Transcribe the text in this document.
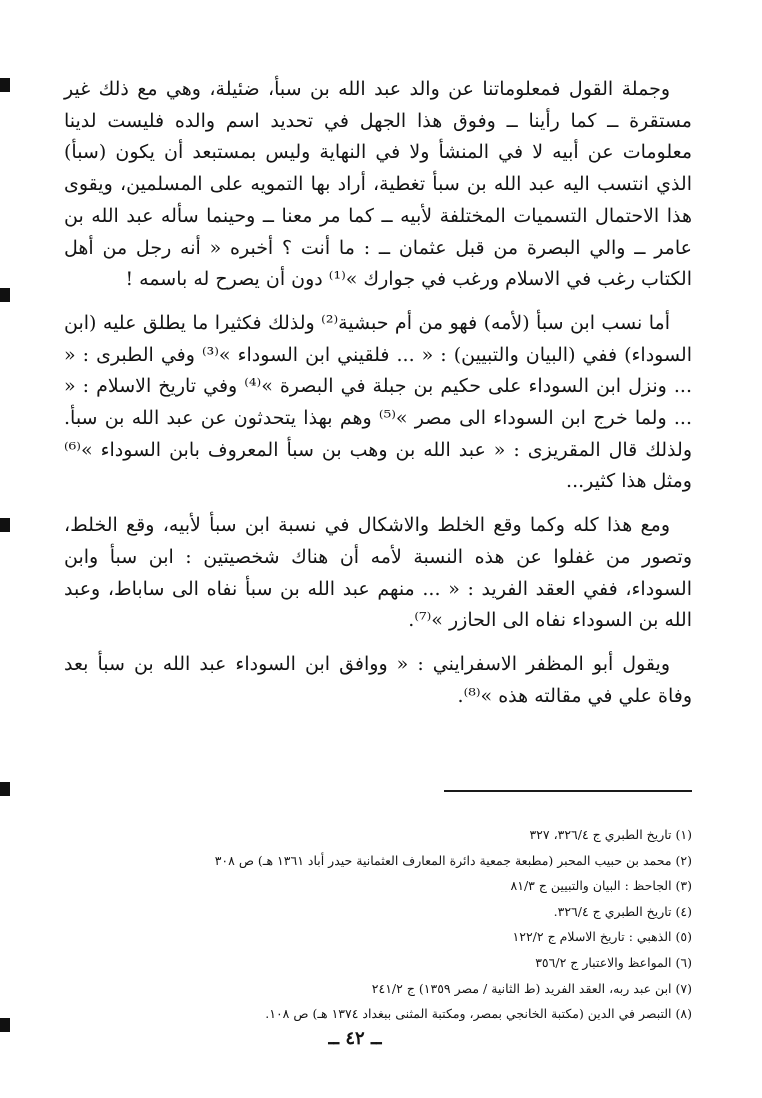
وجملة القول فمعلوماتنا عن والد عبد الله بن سبأ، ضئيلة، وهي مع ذلك غير مستقرة ــ كما رأينا ــ وفوق هذا الجهل في تحديد اسم والده فليست لدينا معلومات عن أبيه لا في المنشأ ولا في النهاية وليس بمستبعد أن يكون (سبأ) الذي انتسب اليه عبد الله بن سبأ تغطية، أراد بها التمويه على المسلمين، ويقوى هذا الاحتمال التسميات المختلفة لأبيه ــ كما مر معنا ــ وحينما سأله عبد الله بن عامر ــ والي البصرة من قبل عثمان ــ : ما أنت ؟ أخبره « أنه رجل من أهل الكتاب رغب في الاسلام ورغب في جوارك »⁽¹⁾ دون أن يصرح له باسمه !

أما نسب ابن سبأ (لأمه) فهو من أم حبشية⁽²⁾ ولذلك فكثيرا ما يطلق عليه (ابن السوداء) ففي (البيان والتبيين) : « ... فلقيني ابن السوداء »⁽³⁾ وفي الطبرى : « ... ونزل ابن السوداء على حكيم بن جبلة في البصرة »⁽⁴⁾ وفي تاريخ الاسلام : « ... ولما خرج ابن السوداء الى مصر »⁽⁵⁾ وهم بهذا يتحدثون عن عبد الله بن سبأ. ولذلك قال المقريزى : « عبد الله بن وهب بن سبأ المعروف بابن السوداء »⁽⁶⁾ ومثل هذا كثير...

ومع هذا كله وكما وقع الخلط والاشكال في نسبة ابن سبأ لأبيه، وقع الخلط، وتصور من غفلوا عن هذه النسبة لأمه أن هناك شخصيتين : ابن سبأ وابن السوداء، ففي العقد الفريد : « ... منهم عبد الله بن سبأ نفاه الى ساباط، وعبد الله بن السوداء نفاه الى الحازر »⁽⁷⁾.

ويقول أبو المظفر الاسفرايني : « ووافق ابن السوداء عبد الله بن سبأ بعد وفاة علي في مقالته هذه »⁽⁸⁾.

(١) تاريخ الطبري ج ٣٢٦/٤، ٣٢٧
(٢) محمد بن حبيب المحبر (مطبعة جمعية دائرة المعارف العثمانية حيدر أباد ١٣٦١ هـ) ص ٣٠٨
(٣) الجاحظ : البيان والتبيين ج ٨١/٣
(٤) تاريخ الطبري ج ٣٢٦/٤.
(٥) الذهبي : تاريخ الاسلام ج ١٢٢/٢
(٦) المواعظ والاعتبار ج ٣٥٦/٢
(٧) ابن عبد ربه، العقد الفريد (ط الثانية / مصر ١٣٥٩) ج ٢٤١/٢
(٨) التبصر في الدين (مكتبة الخانجي بمصر، ومكتبة المثنى ببغداد ١٣٧٤ هـ) ص ١٠٨.
ــ ٤٢ ــ
